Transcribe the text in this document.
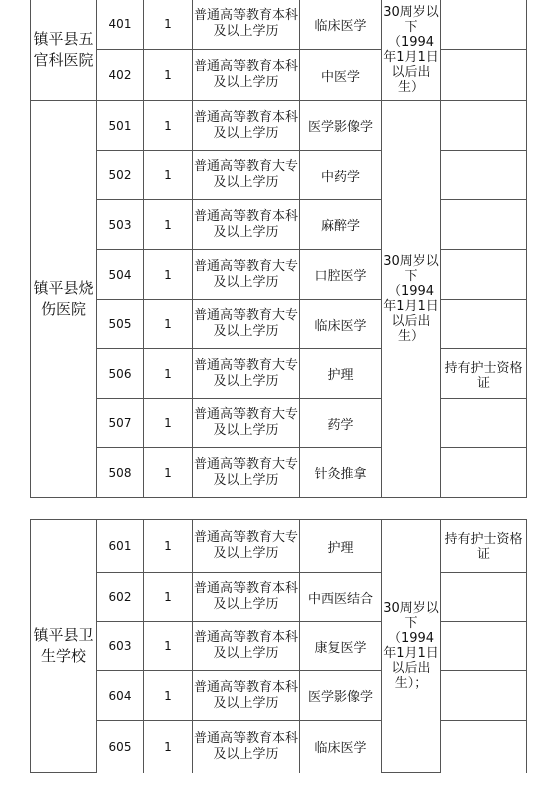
镇平县五官科医院	401	1	普通高等教育本科及以上学历	临床医学	30周岁以下（1994年1月1日以后出生）	
	402	1	普通高等教育本科及以上学历	中医学		
镇平县烧伤医院	501	1	普通高等教育本科及以上学历	医学影像学	30周岁以下（1994年1月1日以后出生）	
	502	1	普通高等教育大专及以上学历	中药学		
	503	1	普通高等教育本科及以上学历	麻醉学		
	504	1	普通高等教育大专及以上学历	口腔医学		
	505	1	普通高等教育大专及以上学历	临床医学		
	506	1	普通高等教育大专及以上学历	护理		持有护士资格证
	507	1	普通高等教育大专及以上学历	药学		
	508	1	普通高等教育大专及以上学历	针灸推拿		
镇平县卫生学校	601	1	普通高等教育大专及以上学历	护理	30周岁以下（1994年1月1日以后出生）；	持有护士资格证
	602	1	普通高等教育本科及以上学历	中西医结合		
	603	1	普通高等教育本科及以上学历	康复医学		
	604	1	普通高等教育本科及以上学历	医学影像学		
	605	1	普通高等教育本科及以上学历	临床医学		
